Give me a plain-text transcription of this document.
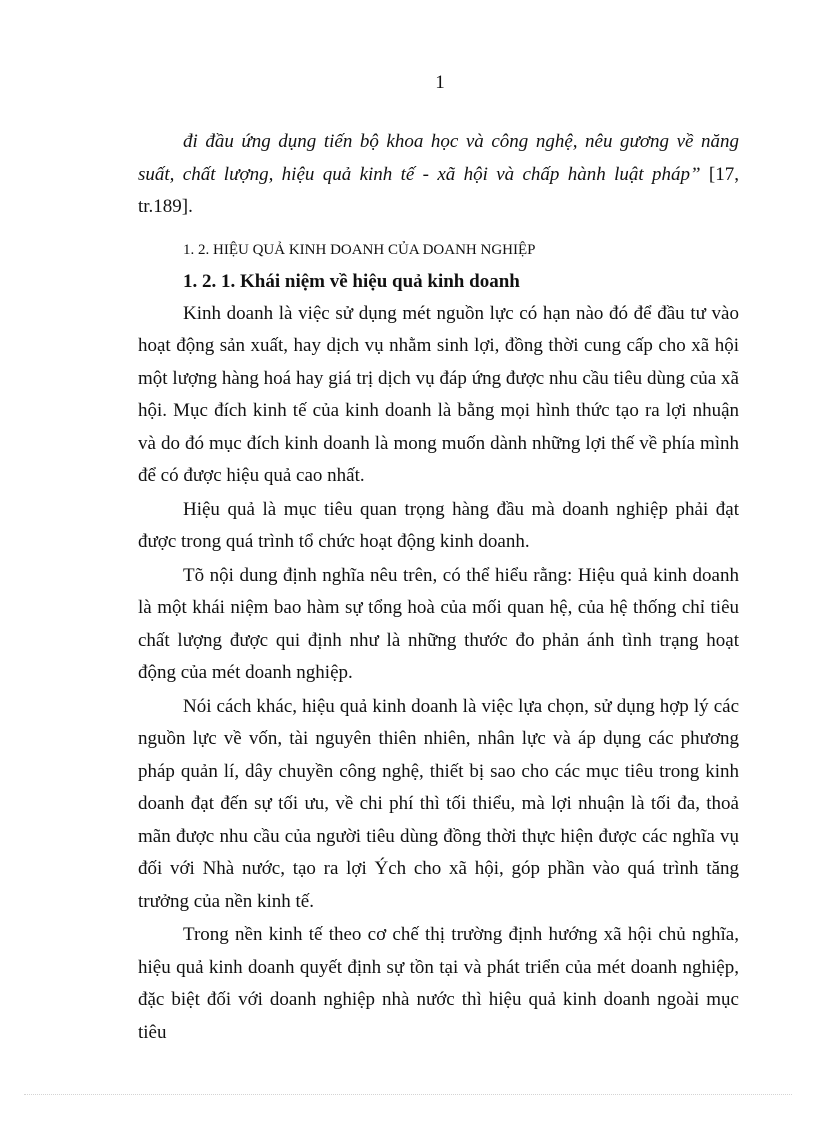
1

đi đầu ứng dụng tiến bộ khoa học và công nghệ, nêu gương về năng suất, chất lượng, hiệu quả kinh tế - xã hội và chấp hành luật pháp” [17, tr.189].

1. 2. HIỆU QUẢ KINH DOANH CỦA DOANH NGHIỆP
1. 2. 1. Khái niệm về hiệu quả kinh doanh

Kinh doanh là việc sử dụng mét nguồn lực có hạn nào đó để đầu tư vào hoạt động sản xuất, hay dịch vụ nhằm sinh lợi, đồng thời cung cấp cho xã hội một lượng hàng hoá hay giá trị dịch vụ đáp ứng được nhu cầu tiêu dùng của xã hội. Mục đích kinh tế của kinh doanh là bằng mọi hình thức tạo ra lợi nhuận và do đó mục đích kinh doanh là mong muốn dành những lợi thế về phía mình để có được hiệu quả cao nhất.

Hiệu quả là mục tiêu quan trọng hàng đầu mà doanh nghiệp phải đạt được trong quá trình tổ chức hoạt động kinh doanh.

Tõ nội dung định nghĩa nêu trên, có thể hiểu rằng: Hiệu quả kinh doanh là một khái niệm bao hàm sự tổng hoà của mối quan hệ, của hệ thống chỉ tiêu chất lượng được qui định như là những thước đo phản ánh tình trạng hoạt động của mét doanh nghiệp.

Nói cách khác, hiệu quả kinh doanh là việc lựa chọn, sử dụng hợp lý các nguồn lực về vốn, tài nguyên thiên nhiên, nhân lực và áp dụng các phương pháp quản lí, dây chuyền công nghệ, thiết bị sao cho các mục tiêu trong kinh doanh đạt đến sự tối ưu, về chi phí thì tối thiểu, mà lợi nhuận là tối đa, thoả mãn được nhu cầu của người tiêu dùng đồng thời thực hiện được các nghĩa vụ đối với Nhà nước, tạo ra lợi Ých cho xã hội, góp phần vào quá trình tăng trưởng của nền kinh tế.

Trong nền kinh tế theo cơ chế thị trường định hướng xã hội chủ nghĩa, hiệu quả kinh doanh quyết định sự tồn tại và phát triển của mét doanh nghiệp, đặc biệt đối với doanh nghiệp nhà nước thì hiệu quả kinh doanh ngoài mục tiêu
